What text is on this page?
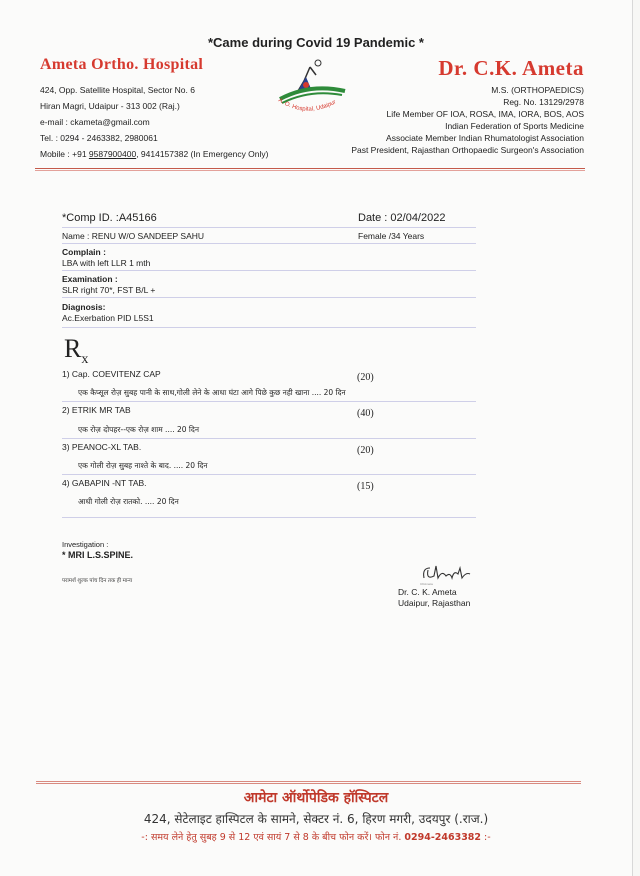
*Came during Covid 19 Pandemic *
Ameta Ortho. Hospital	Dr. C.K. Ameta
424, Opp. Satellite Hospital, Sector No. 6
Hiran Magri, Udaipur - 313 002 (Raj.)
e-mail : ckameta@gmail.com
Tel. : 0294 - 2463382, 2980061
Mobile : +91 9587900400, 9414157382 (In Emergency Only)
A. O. Hospital, Udaipur
M.S. (ORTHOPAEDICS)
Reg. No. 13129/2978
Life Member OF IOA, ROSA, IMA, IORA, BOS, AOS
Indian Federation of Sports Medicine
Associate Member Indian Rhumatologist Association
Past President, Rajasthan Orthopaedic Surgeon's Association
*Comp ID. :A45166	Date : 02/04/2022
Name : RENU W/O SANDEEP SAHU	Female /34 Years
Complain :
LBA with left LLR 1 mth
Examination :
SLR right 70*, FST B/L +
Diagnosis:
Ac.Exerbation PID L5S1
$R_x$
1) Cap. COEVITENZ CAP	(20)
एक कैप्सूल रोज़ सुबह पानी के साथ,गोली लेने के आधा घंटा आगे पिछे कुछ नही खाना .... 20 दिन
2) ETRIK MR TAB	(40)
एक रोज़ दोपहर--एक रोज़ शाम .... 20 दिन
3) PEANOC-XL TAB.	(20)
एक गोली रोज़ सुबह नाश्ते के बाद. .... 20 दिन
4) GABAPIN -NT TAB.	(15)
आधी गोली रोज़ रातको. .... 20 दिन
Investigation :
* MRI L.S.SPINE.
परामर्श शुल्क पांच दिन तक ही मान्य	CKAmeta
Dr. C. K. Ameta
Udaipur, Rajasthan
आमेटा ऑर्थोपेडिक हॉस्पिटल
424, सेटेलाइट हास्पिटल के सामने, सेक्टर नं. 6, हिरण मगरी, उदयपुर (.राज.)
-: समय लेने हेतु सुबह 9 से 12 एवं सायं 7 से 8 के बीच फोन करें। फोन नं. 0294-2463382 :-
